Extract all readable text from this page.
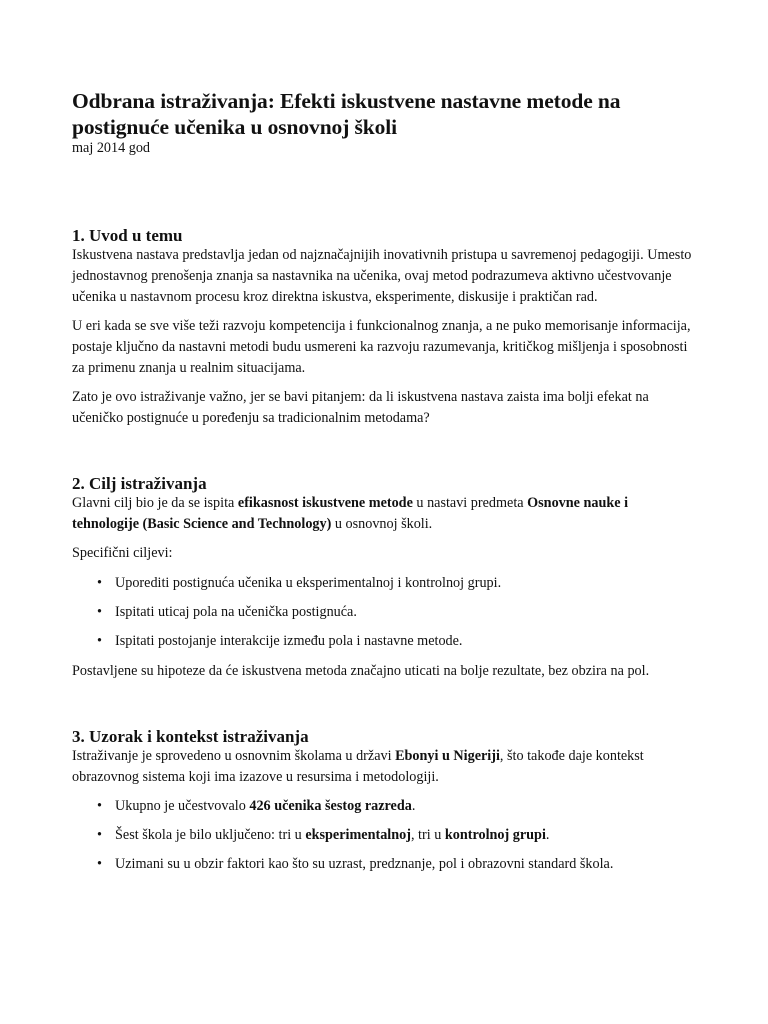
Odbrana istraživanja: Efekti iskustvene nastavne metode na postignuće učenika u osnovnoj školi

maj 2014 god

1. Uvod u temu

Iskustvena nastava predstavlja jedan od najznačajnijih inovativnih pristupa u savremenoj pedagogiji. Umesto jednostavnog prenošenja znanja sa nastavnika na učenika, ovaj metod podrazumeva aktivno učestvovanje učenika u nastavnom procesu kroz direktna iskustva, eksperimente, diskusije i praktičan rad.

U eri kada se sve više teži razvoju kompetencija i funkcionalnog znanja, a ne puko memorisanje informacija, postaje ključno da nastavni metodi budu usmereni ka razvoju razumevanja, kritičkog mišljenja i sposobnosti za primenu znanja u realnim situacijama.

Zato je ovo istraživanje važno, jer se bavi pitanjem: da li iskustvena nastava zaista ima bolji efekat na učeničko postignuće u poređenju sa tradicionalnim metodama?

2. Cilj istraživanja

Glavni cilj bio je da se ispita efikasnost iskustvene metode u nastavi predmeta Osnovne nauke i tehnologije (Basic Science and Technology) u osnovnoj školi.

Specifični ciljevi:

• Uporediti postignuća učenika u eksperimentalnoj i kontrolnoj grupi.
• Ispitati uticaj pola na učenička postignuća.
• Ispitati postojanje interakcije između pola i nastavne metode.

Postavljene su hipoteze da će iskustvena metoda značajno uticati na bolje rezultate, bez obzira na pol.

3. Uzorak i kontekst istraživanja

Istraživanje je sprovedeno u osnovnim školama u državi Ebonyi u Nigeriji, što takođe daje kontekst obrazovnog sistema koji ima izazove u resursima i metodologiji.

• Ukupno je učestvovalo 426 učenika šestog razreda.
• Šest škola je bilo uključeno: tri u eksperimentalnoj, tri u kontrolnoj grupi.
• Uzimani su u obzir faktori kao što su uzrast, predznanje, pol i obrazovni standard škola.
